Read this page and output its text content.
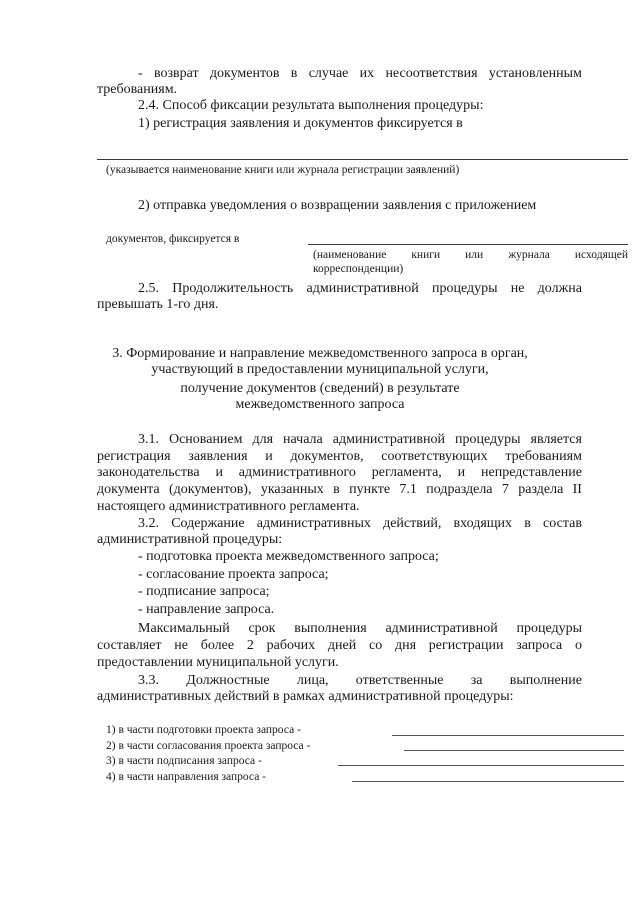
- возврат документов в случае их несоответствия установленным
требованиям.
2.4. Способ фиксации результата выполнения процедуры:
1) регистрация заявления и документов фиксируется в
(указывается наименование книги или журнала регистрации заявлений)
2) отправка уведомления о возвращении заявления с приложением
документов, фиксируется в
(наименование книги или журнала исходящей
корреспонденции)
2.5. Продолжительность административной процедуры не должна
превышать 1-го дня.
3. Формирование и направление межведомственного запроса в орган,
участвующий в предоставлении муниципальной услуги,
получение документов (сведений) в результате
межведомственного запроса
3.1. Основанием для начала административной процедуры является
регистрация заявления и документов, соответствующих требованиям
законодательства и административного регламента, и непредставление
документа (документов), указанных в пункте 7.1 подраздела 7 раздела II
настоящего административного регламента.
3.2. Содержание административных действий, входящих в состав
административной процедуры:
- подготовка проекта межведомственного запроса;
- согласование проекта запроса;
- подписание запроса;
- направление запроса.
Максимальный срок выполнения административной процедуры
составляет не более 2 рабочих дней со дня регистрации запроса о
предоставлении муниципальной услуги.
3.3. Должностные лица, ответственные за выполнение
административных действий в рамках административной процедуры:
1) в части подготовки проекта запроса -
2) в части согласования проекта запроса -
3) в части подписания запроса -
4) в части направления запроса -
